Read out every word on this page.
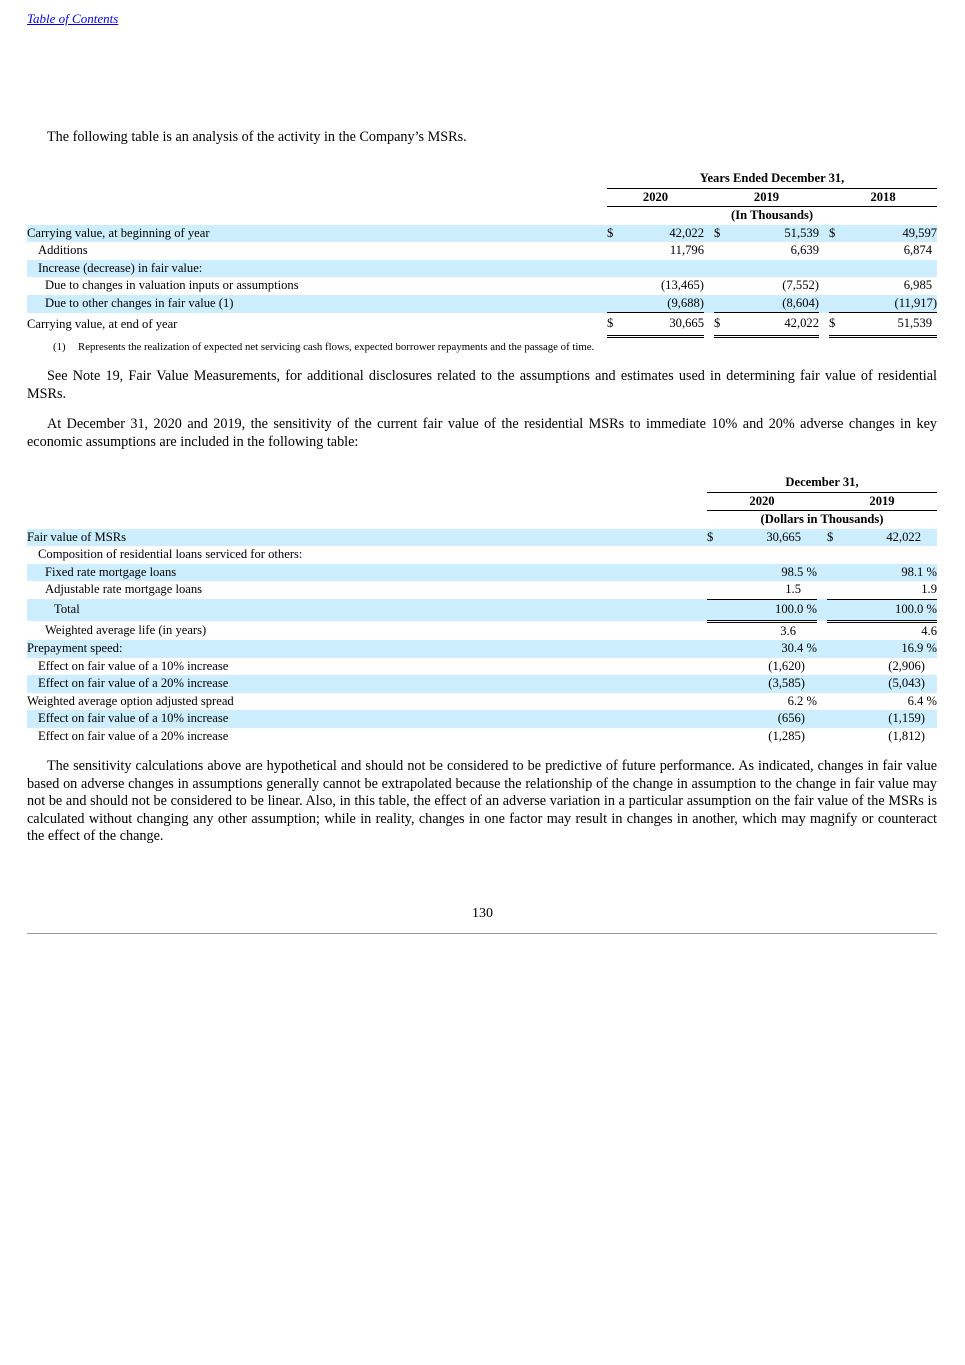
Table of Contents
The following table is an analysis of the activity in the Company’s MSRs.
	Years Ended December 31,							
	2020			2019			2018	
	(In Thousands)							
Carrying value, at beginning of year	$	42,022		$	51,539		$	49,597
Additions		11,796			6,639			6,874
Increase (decrease) in fair value:								
Due to changes in valuation inputs or assumptions		(13,465)			(7,552)			6,985
Due to other changes in fair value (1)		(9,688)			(8,604)			(11,917)
Carrying value, at end of year	$	30,665		$	42,022		$	51,539
(1) Represents the realization of expected net servicing cash flows, expected borrower repayments and the passage of time.
See Note 19, Fair Value Measurements, for additional disclosures related to the assumptions and estimates used in determining fair value of residential MSRs.
At December 31, 2020 and 2019, the sensitivity of the current fair value of the residential MSRs to immediate 10% and 20% adverse changes in key economic assumptions are included in the following table:
	December 31,				
	2020			2019	
	(Dollars in Thousands)				
Fair value of MSRs	$	30,665		$	42,022
Composition of residential loans serviced for others:					
Fixed rate mortgage loans		98.5 %			98.1 %
Adjustable rate mortgage loans		1.5			1.9
Total		100.0 %			100.0 %
Weighted average life (in years)		3.6			4.6
Prepayment speed:		30.4 %			16.9 %
Effect on fair value of a 10% increase		(1,620)			(2,906)
Effect on fair value of a 20% increase		(3,585)			(5,043)
Weighted average option adjusted spread		6.2 %			6.4 %
Effect on fair value of a 10% increase		(656)			(1,159)
Effect on fair value of a 20% increase		(1,285)			(1,812)
The sensitivity calculations above are hypothetical and should not be considered to be predictive of future performance. As indicated, changes in fair value based on adverse changes in assumptions generally cannot be extrapolated because the relationship of the change in assumption to the change in fair value may not be and should not be considered to be linear. Also, in this table, the effect of an adverse variation in a particular assumption on the fair value of the MSRs is calculated without changing any other assumption; while in reality, changes in one factor may result in changes in another, which may magnify or counteract the effect of the change.
130
